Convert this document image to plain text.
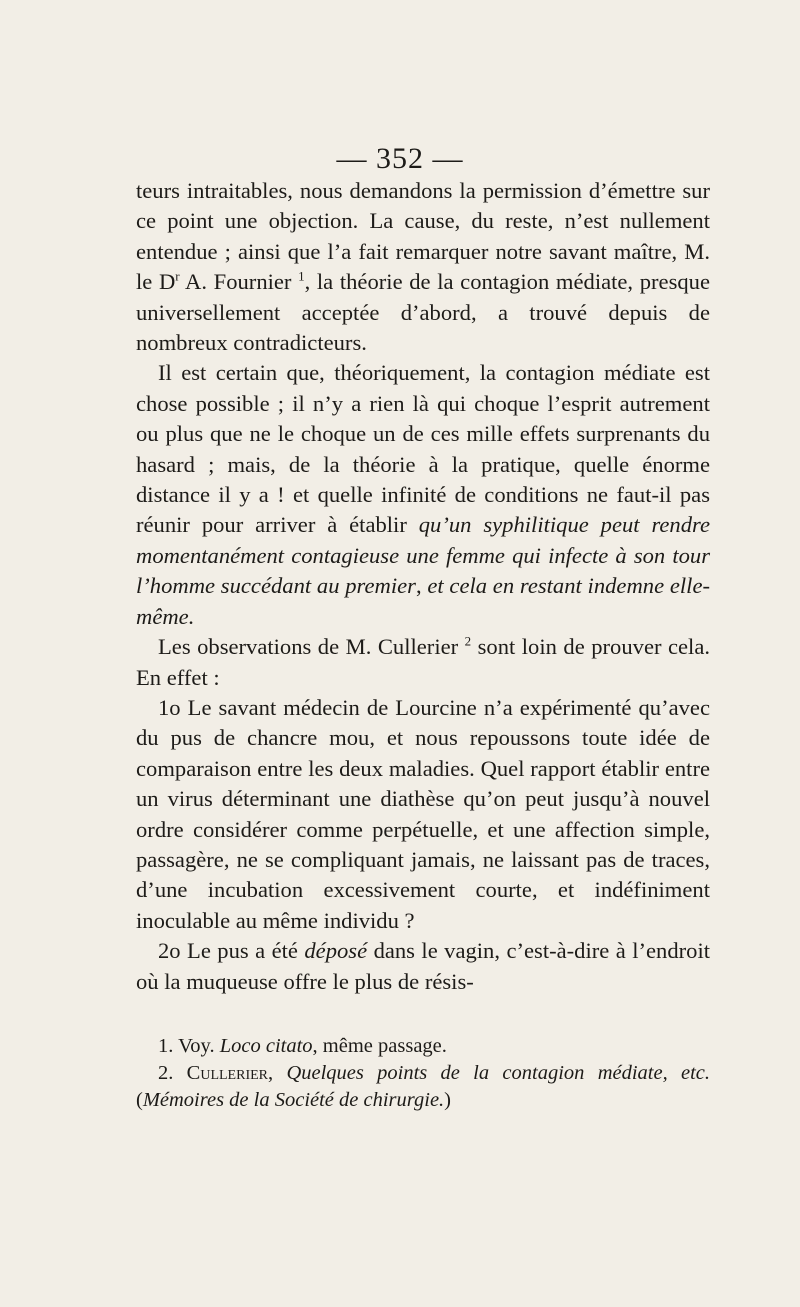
— 352 —

teurs intraitables, nous demandons la permission d’émettre sur ce point une objection. La cause, du reste, n’est nullement entendue ; ainsi que l’a fait remarquer notre savant maître, M. le $D^r$ A. Fournier $^1$, la théorie de la contagion médiate, presque universellement acceptée d’abord, a trouvé depuis de nombreux contradicteurs.

Il est certain que, théoriquement, la contagion médiate est chose possible ; il n’y a rien là qui choque l’esprit autrement ou plus que ne le choque un de ces mille effets surprenants du hasard ; mais, de la théorie à la pratique, quelle énorme distance il y a ! et quelle infinité de conditions ne faut-il pas réunir pour arriver à établir qu’un syphilitique peut rendre momentanément contagieuse une femme qui infecte à son tour l’homme succédant au premier, et cela en restant indemne elle-même.

Les observations de M. Cullerier $^2$ sont loin de prouver cela. En effet :

1o Le savant médecin de Lourcine n’a expérimenté qu’avec du pus de chancre mou, et nous repoussons toute idée de comparaison entre les deux maladies. Quel rapport établir entre un virus déterminant une diathèse qu’on peut jusqu’à nouvel ordre considérer comme perpétuelle, et une affection simple, passagère, ne se compliquant jamais, ne laissant pas de traces, d’une incubation excessivement courte, et indéfiniment inoculable au même individu ?

2o Le pus a été déposé dans le vagin, c’est-à-dire à l’endroit où la muqueuse offre le plus de résis-

1. Voy. Loco citato, même passage.

2. Cullerier, Quelques points de la contagion médiate, etc. (Mémoires de la Société de chirurgie.)
